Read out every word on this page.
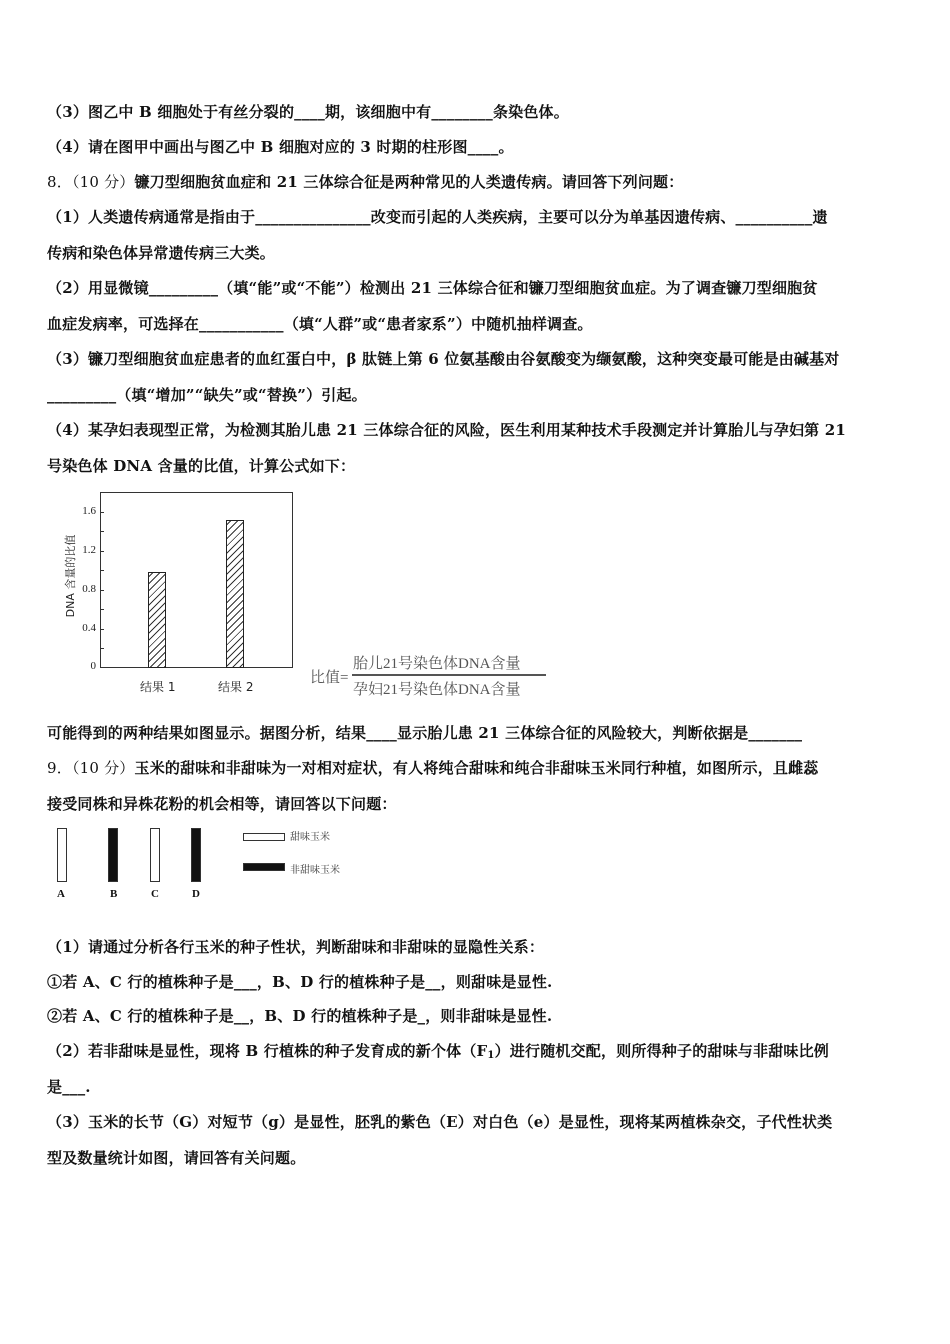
（3）图乙中 B 细胞处于有丝分裂的____期，该细胞中有________条染色体。
（4）请在图甲中画出与图乙中 B 细胞对应的 3 时期的柱形图____。
8．（10 分）镰刀型细胞贫血症和 21 三体综合征是两种常见的人类遗传病。请回答下列问题：
（1）人类遗传病通常是指由于_______________改变而引起的人类疾病，主要可以分为单基因遗传病、__________遗
传病和染色体异常遗传病三大类。
（2）用显微镜_________（填“能”或“不能”）检测出 21 三体综合征和镰刀型细胞贫血症。为了调查镰刀型细胞贫
血症发病率，可选择在___________（填“人群”或“患者家系”）中随机抽样调查。
（3）镰刀型细胞贫血症患者的血红蛋白中，β 肽链上第 6 位氨基酸由谷氨酸变为缬氨酸，这种突变最可能是由碱基对
_________（填“增加”“缺失”或“替换”）引起。
（4）某孕妇表现型正常，为检测其胎儿患 21 三体综合征的风险，医生利用某种技术手段测定并计算胎儿与孕妇第 21
号染色体 DNA 含量的比值，计算公式如下：
DNA 含量的比值
1.6
1.2
0.8
0.4
0
结果 1	结果 2
比值=
胎儿21号染色体DNA含量
孕妇21号染色体DNA含量
可能得到的两种结果如图显示。据图分析，结果____显示胎儿患 21 三体综合征的风险较大，判断依据是_______
9．（10 分）玉米的甜味和非甜味为一对相对症状，有人将纯合甜味和纯合非甜味玉米同行种植，如图所示，且雌蕊
接受同株和异株花粉的机会相等，请回答以下问题：
A	B	C	D
甜味玉米
非甜味玉米
（1）请通过分析各行玉米的种子性状，判断甜味和非甜味的显隐性关系：
①若 A、C 行的植株种子是___，B、D 行的植株种子是__，则甜味是显性.
②若 A、C 行的植株种子是__，B、D 行的植株种子是_，则非甜味是显性.
（2）若非甜味是显性，现将 B 行植株的种子发育成的新个体$(F_1)$进行随机交配，则所得种子的甜味与非甜味比例
是___.
（3）玉米的长节（G）对短节（g）是显性，胚乳的紫色（E）对白色（e）是显性，现将某两植株杂交，子代性状类
型及数量统计如图，请回答有关问题。
